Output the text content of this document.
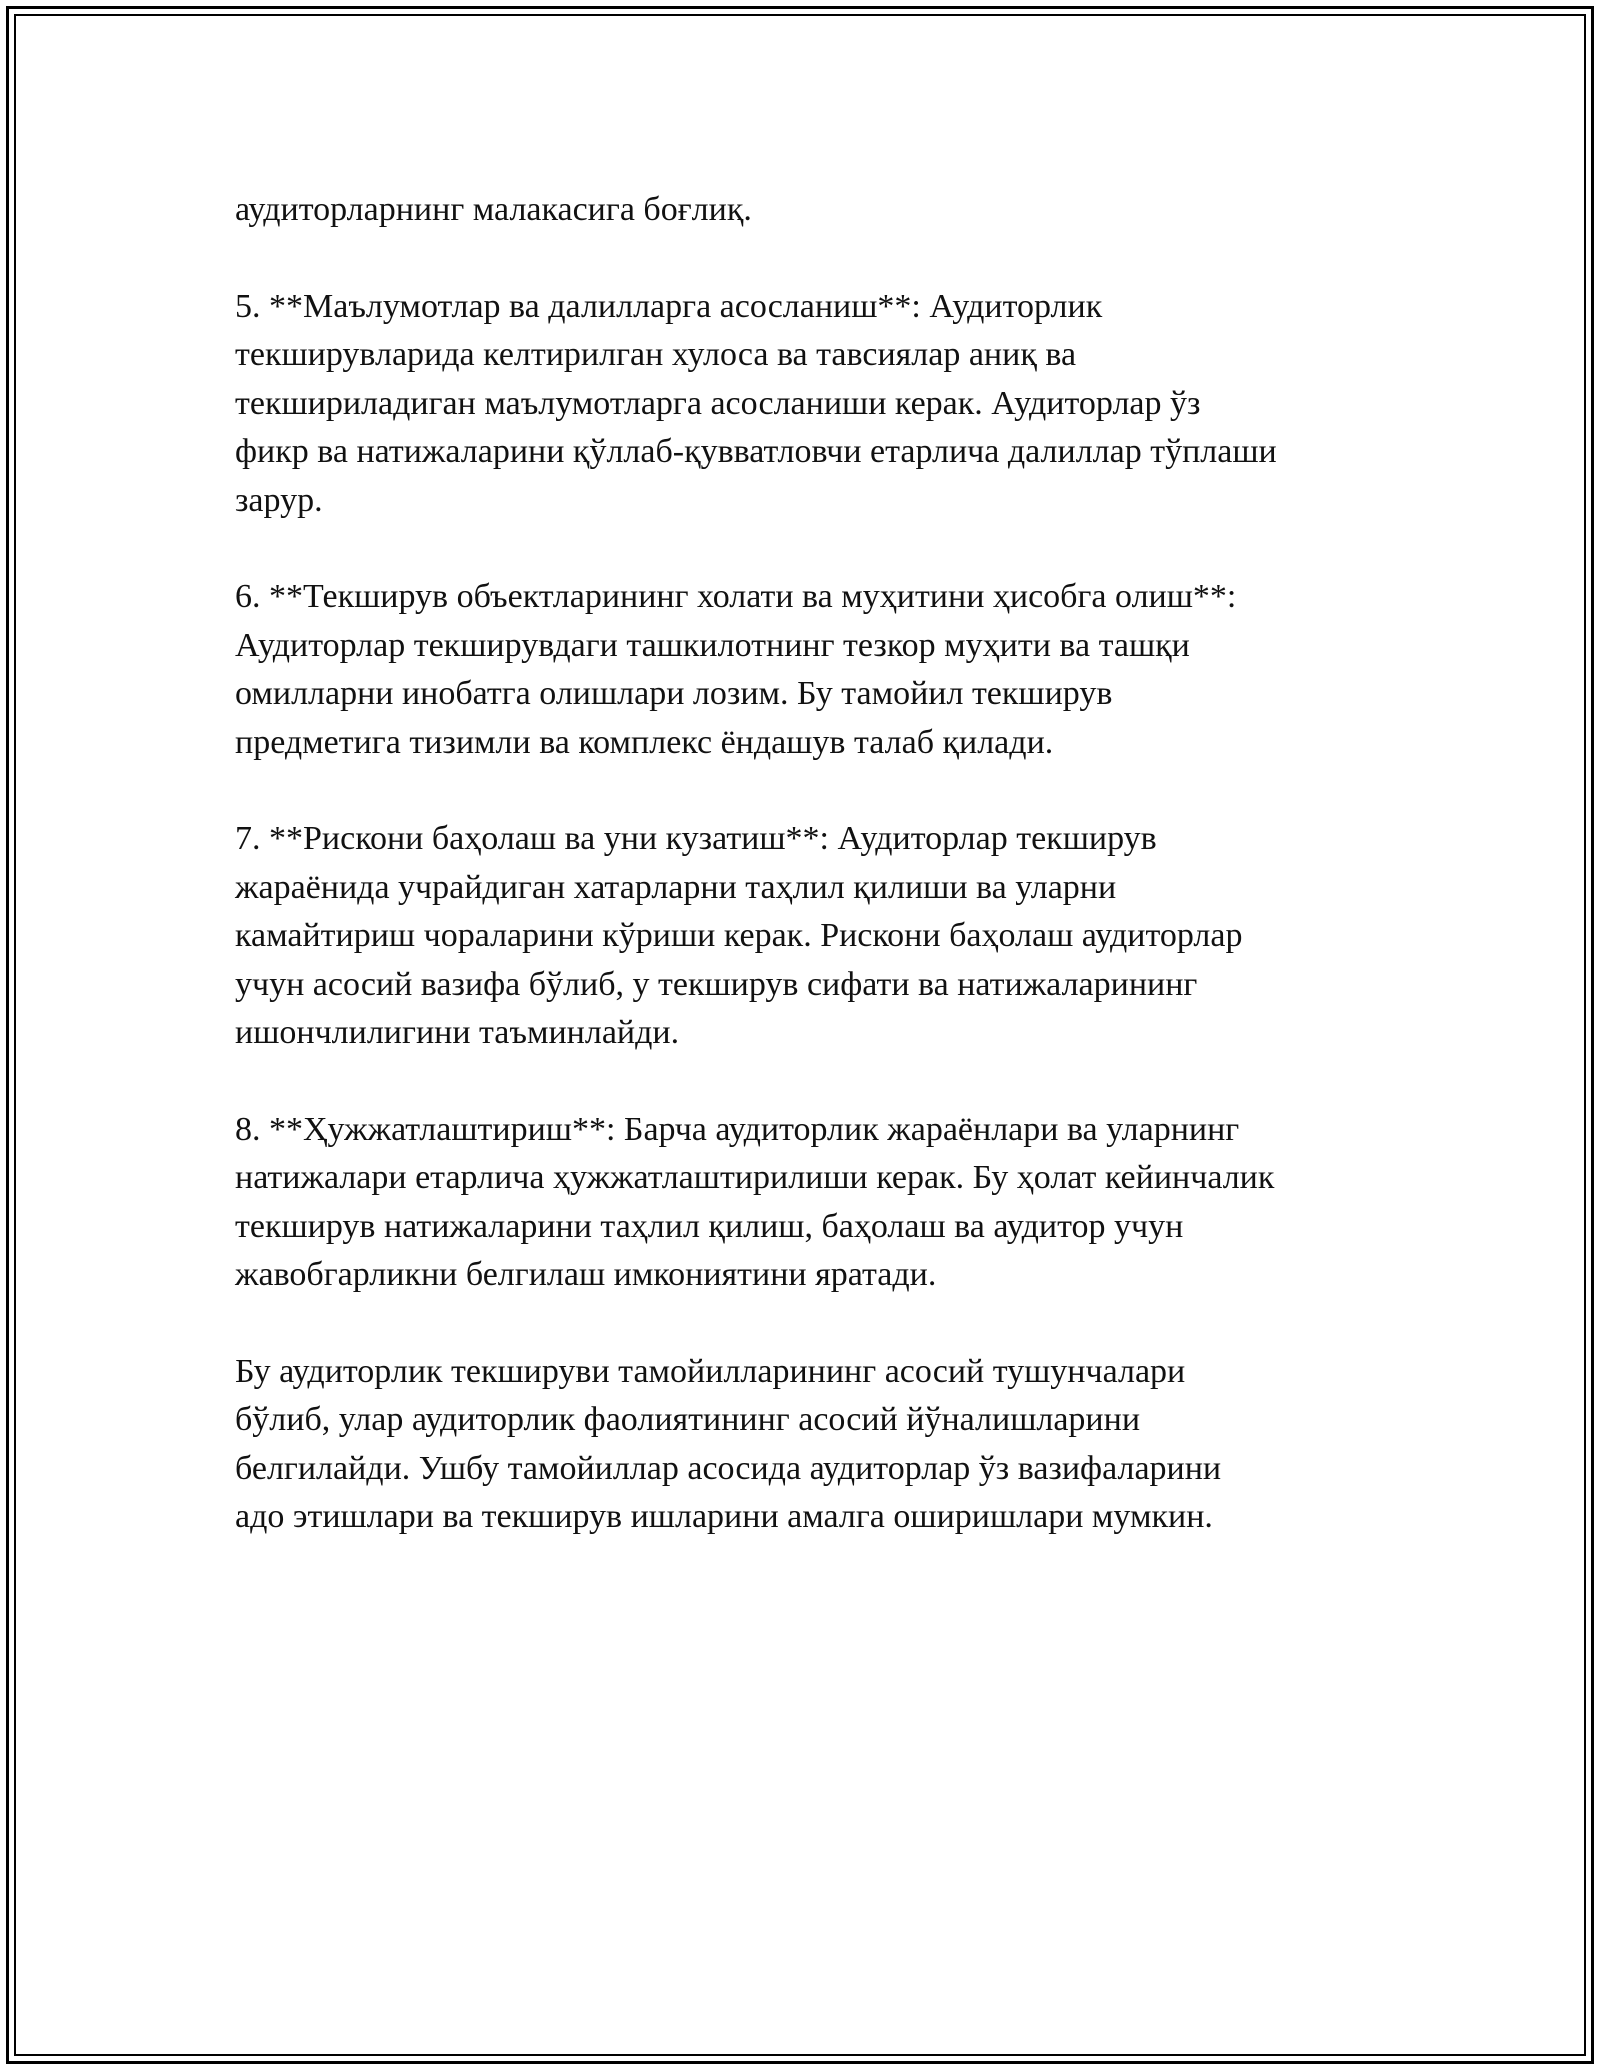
аудиторларнинг малакасига боғлиқ.

5. **Маълумотлар ва далилларга асосланиш**: Аудиторлик
текширувларида келтирилган хулоса ва тавсиялар аниқ ва
текшириладиган маълумотларга асосланиши керак. Аудиторлар ўз
фикр ва натижаларини қўллаб-қувватловчи етарлича далиллар тўплаши
зарур.

6. **Текширув объектларининг холати ва муҳитини ҳисобга олиш**:
Аудиторлар текширувдаги ташкилотнинг тезкор муҳити ва ташқи
омилларни инобатга олишлари лозим. Бу тамойил текширув
предметига тизимли ва комплекс ёндашув талаб қилади.

7. **Рискони баҳолаш ва уни кузатиш**: Аудиторлар текширув
жараёнида учрайдиган хатарларни таҳлил қилиши ва уларни
камайтириш чораларини кўриши керак. Рискони баҳолаш аудиторлар
учун асосий вазифа бўлиб, у текширув сифати ва натижаларининг
ишончлилигини таъминлайди.

8. **Ҳужжатлаштириш**: Барча аудиторлик жараёнлари ва уларнинг
натижалари етарлича ҳужжатлаштирилиши керак. Бу ҳолат кейинчалик
текширув натижаларини таҳлил қилиш, баҳолаш ва аудитор учун
жавобгарликни белгилаш имкониятини яратади.

Бу аудиторлик текшируви тамойилларининг асосий тушунчалари
бўлиб, улар аудиторлик фаолиятининг асосий йўналишларини
белгилайди. Ушбу тамойиллар асосида аудиторлар ўз вазифаларини
адо этишлари ва текширув ишларини амалга оширишлари мумкин.
